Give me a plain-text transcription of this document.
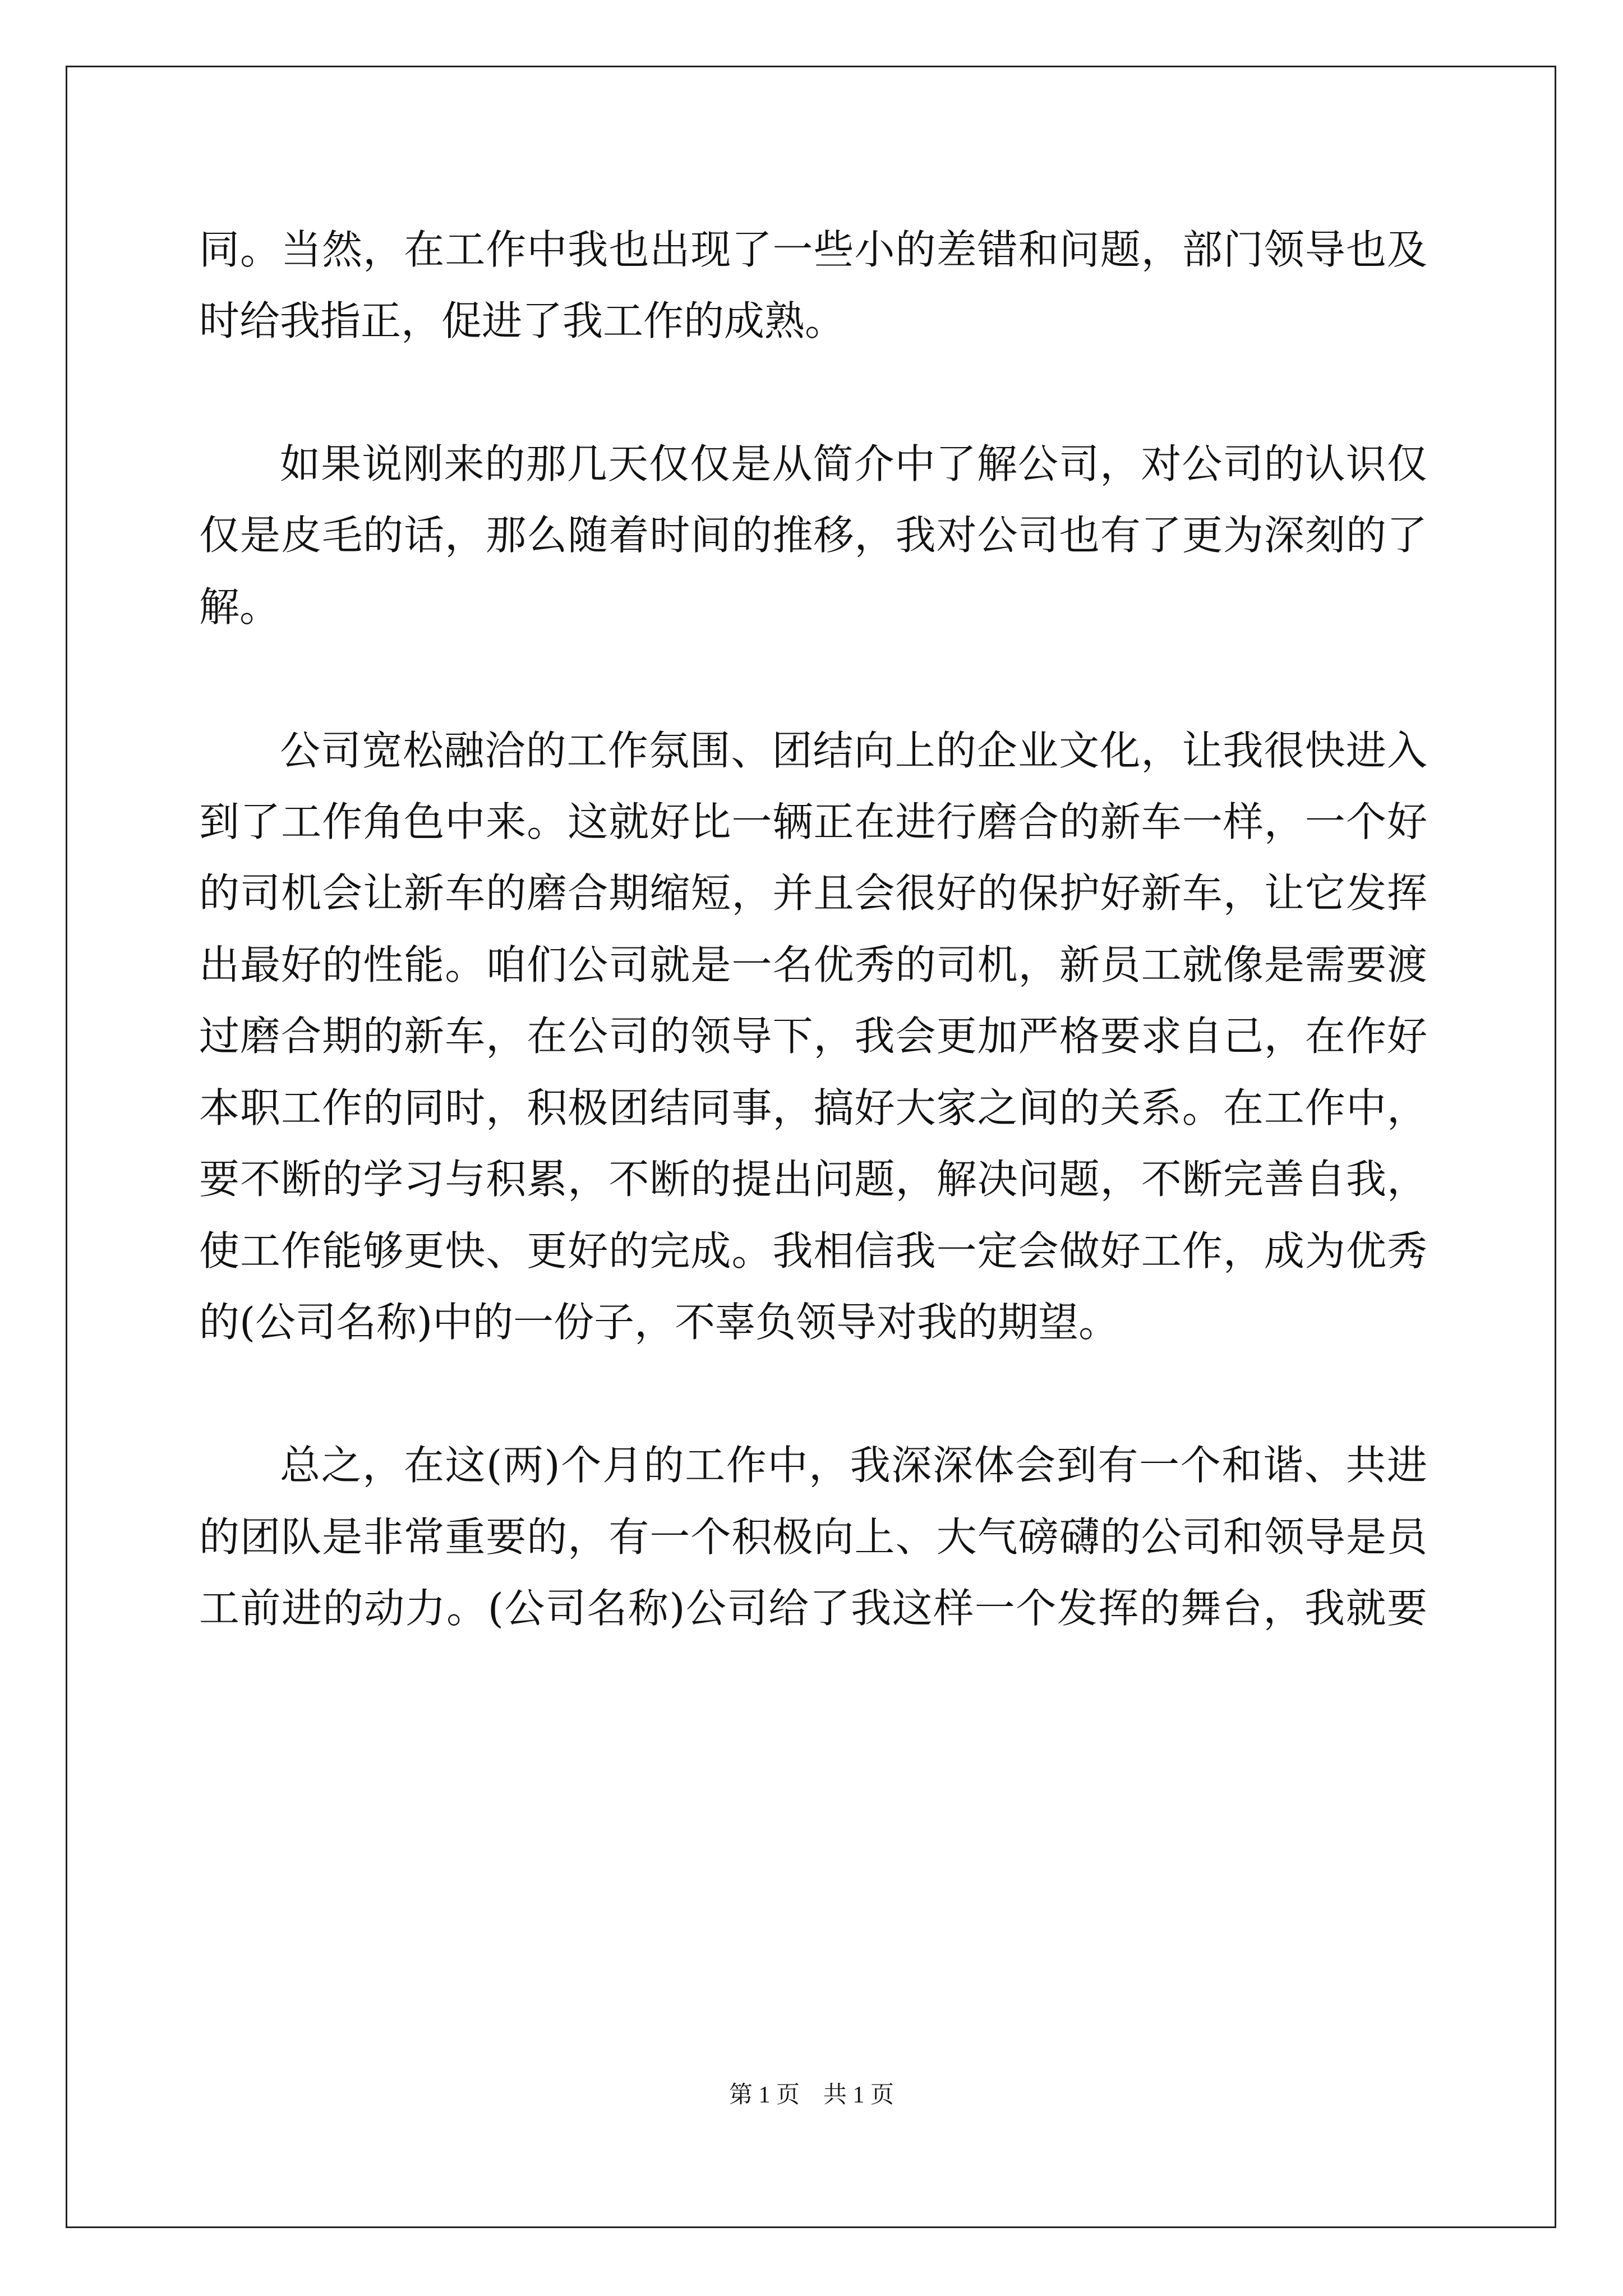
同。当然，在工作中我也出现了一些小的差错和问题，部门领导也及
时给我指正，促进了我工作的成熟。
如果说刚来的那几天仅仅是从简介中了解公司，对公司的认识仅
仅是皮毛的话，那么随着时间的推移，我对公司也有了更为深刻的了
解。
公司宽松融洽的工作氛围、团结向上的企业文化，让我很快进入
到了工作角色中来。这就好比一辆正在进行磨合的新车一样，一个好
的司机会让新车的磨合期缩短，并且会很好的保护好新车，让它发挥
出最好的性能。咱们公司就是一名优秀的司机，新员工就像是需要渡
过磨合期的新车，在公司的领导下，我会更加严格要求自己，在作好
本职工作的同时，积极团结同事，搞好大家之间的关系。在工作中，
要不断的学习与积累，不断的提出问题，解决问题，不断完善自我，
使工作能够更快、更好的完成。我相信我一定会做好工作，成为优秀
的(公司名称)中的一份子，不辜负领导对我的期望。
总之，在这(两)个月的工作中，我深深体会到有一个和谐、共进
的团队是非常重要的，有一个积极向上、大气磅礴的公司和领导是员
工前进的动力。(公司名称)公司给了我这样一个发挥的舞台，我就要
第 1 页　共 1 页
